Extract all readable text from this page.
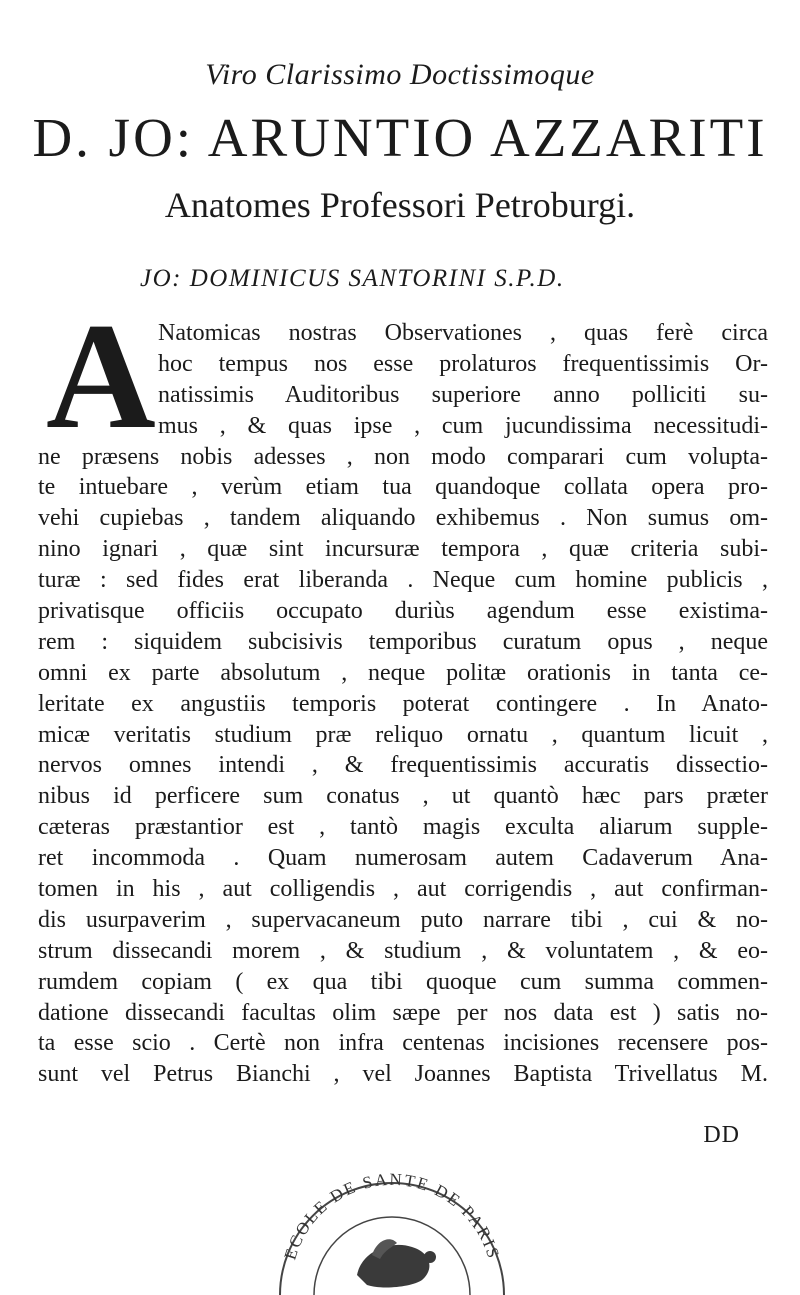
Viro Clarissimo Doctissimoque
D. JO: ARUNTIO AZZARITI
Anatomes Professori Petroburgi.
JO: DOMINICUS SANTORINI S.P.D.
A Natomicas nostras Observationes , quas ferè circa
hoc tempus nos esse prolaturos frequentissimis Or-
natissimis Auditoribus superiore anno polliciti su-
mus , & quas ipse , cum jucundissima necessitudi-
ne præsens nobis adesses , non modo comparari cum volupta-
te intuebare , verùm etiam tua quandoque collata opera pro-
vehi cupiebas , tandem aliquando exhibemus . Non sumus om-
nino ignari , quæ sint incursuræ tempora , quæ criteria subi-
turæ : sed fides erat liberanda . Neque cum homine publicis ,
privatisque officiis occupato duriùs agendum esse existima-
rem : siquidem subcisivis temporibus curatum opus , neque
omni ex parte absolutum , neque politæ orationis in tanta ce-
leritate ex angustiis temporis poterat contingere . In Anato-
micæ veritatis studium præ reliquo ornatu , quantum licuit ,
nervos omnes intendi , & frequentissimis accuratis dissectio-
nibus id perficere sum conatus , ut quantò hæc pars præter
cæteras præstantior est , tantò magis exculta aliarum supple-
ret incommoda . Quam numerosam autem Cadaverum Ana-
tomen in his , aut colligendis , aut corrigendis , aut confirman-
dis usurpaverim , supervacaneum puto narrare tibi , cui & no-
strum dissecandi morem , & studium , & voluntatem , & eo-
rumdem copiam ( ex qua tibi quoque cum summa commen-
datione dissecandi facultas olim sæpe per nos data est ) satis no-
ta esse scio . Certè non infra centenas incisiones recensere pos-
sunt vel Petrus Bianchi , vel Joannes Baptista Trivellatus M.
DD
ECOLE DE SANTE DE PARIS
